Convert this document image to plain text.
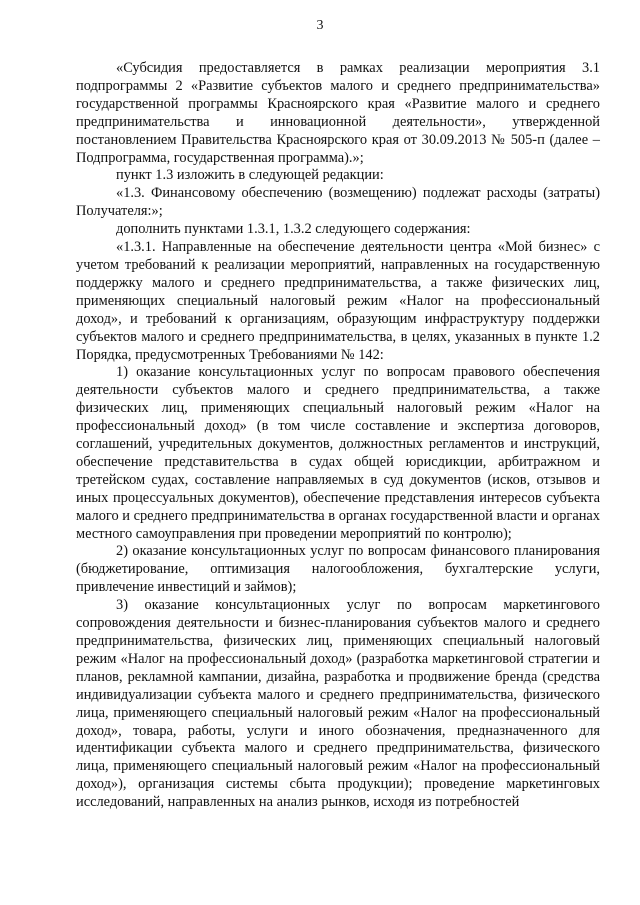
3

«Субсидия предоставляется в рамках реализации мероприятия 3.1 подпрограммы 2 «Развитие субъектов малого и среднего предпринимательства» государственной программы Красноярского края «Развитие малого и среднего предпринимательства и инновационной деятельности», утвержденной постановлением Правительства Красноярского края от 30.09.2013 № 505-п (далее – Подпрограмма, государственная программа).»;

пункт 1.3 изложить в следующей редакции:

«1.3. Финансовому обеспечению (возмещению) подлежат расходы (затраты) Получателя:»;

дополнить пунктами 1.3.1, 1.3.2 следующего содержания:

«1.3.1. Направленные на обеспечение деятельности центра «Мой бизнес» с учетом требований к реализации мероприятий, направленных на государственную поддержку малого и среднего предпринимательства, а также физических лиц, применяющих специальный налоговый режим «Налог на профессиональный доход», и требований к организациям, образующим инфраструктуру поддержки субъектов малого и среднего предпринимательства, в целях, указанных в пункте 1.2 Порядка, предусмотренных Требованиями № 142:

1) оказание консультационных услуг по вопросам правового обеспечения деятельности субъектов малого и среднего предпринимательства, а также физических лиц, применяющих специальный налоговый режим «Налог на профессиональный доход» (в том числе составление и экспертиза договоров, соглашений, учредительных документов, должностных регламентов и инструкций, обеспечение представительства в судах общей юрисдикции, арбитражном и третейском судах, составление направляемых в суд документов (исков, отзывов и иных процессуальных документов), обеспечение представления интересов субъекта малого и среднего предпринимательства в органах государственной власти и органах местного самоуправления при проведении мероприятий по контролю);

2) оказание консультационных услуг по вопросам финансового планирования (бюджетирование, оптимизация налогообложения, бухгалтерские услуги, привлечение инвестиций и займов);

3) оказание консультационных услуг по вопросам маркетингового сопровождения деятельности и бизнес-планирования субъектов малого и среднего предпринимательства, физических лиц, применяющих специальный налоговый режим «Налог на профессиональный доход» (разработка маркетинговой стратегии и планов, рекламной кампании, дизайна, разработка и продвижение бренда (средства индивидуализации субъекта малого и среднего предпринимательства, физического лица, применяющего специальный налоговый режим «Налог на профессиональный доход», товара, работы, услуги и иного обозначения, предназначенного для идентификации субъекта малого и среднего предпринимательства, физического лица, применяющего специальный налоговый режим «Налог на профессиональный доход»), организация системы сбыта продукции); проведение маркетинговых исследований, направленных на анализ рынков, исходя из потребностей
